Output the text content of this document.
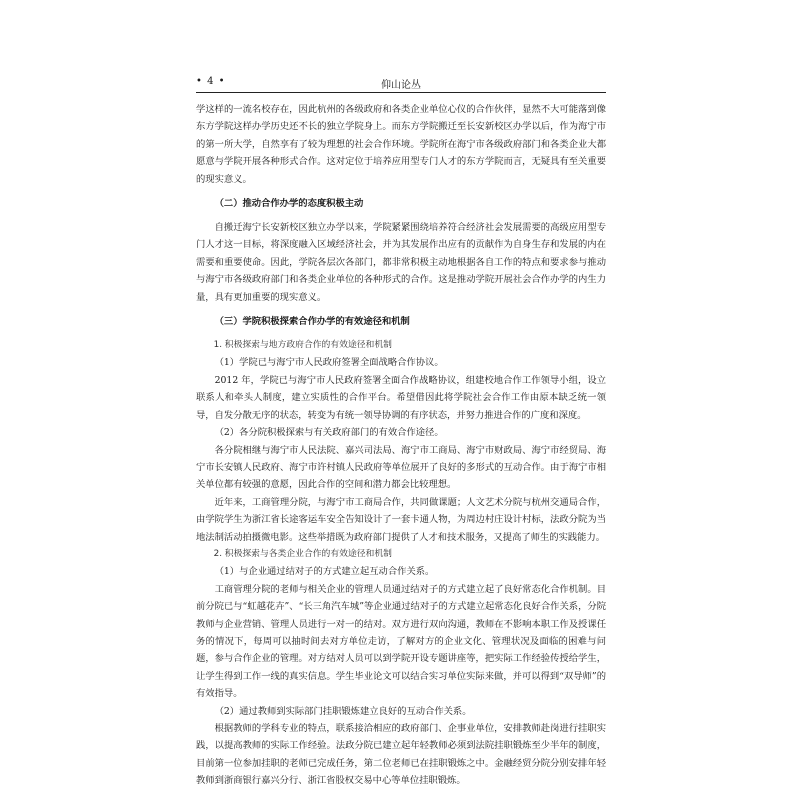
• 4 •	仰山论丛

学这样的一流名校存在，因此杭州的各级政府和各类企业单位心仪的合作伙伴，显然不大可能落到像东方学院这样办学历史还不长的独立学院身上。而东方学院搬迁至长安新校区办学以后，作为海宁市的第一所大学，自然享有了较为理想的社会合作环境。学院所在海宁市各级政府部门和各类企业大都愿意与学院开展各种形式合作。这对定位于培养应用型专门人才的东方学院而言，无疑具有至关重要的现实意义。

（二）推动合作办学的态度积极主动

自搬迁海宁长安新校区独立办学以来，学院紧紧围绕培养符合经济社会发展需要的高级应用型专门人才这一目标，将深度融入区域经济社会，并为其发展作出应有的贡献作为自身生存和发展的内在需要和重要使命。因此，学院各层次各部门，都非常积极主动地根据各自工作的特点和要求参与推动与海宁市各级政府部门和各类企业单位的各种形式的合作。这是推动学院开展社会合作办学的内生力量，具有更加重要的现实意义。

（三）学院积极探索合作办学的有效途径和机制
1. 积极探索与地方政府合作的有效途径和机制

（1）学院已与海宁市人民政府签署全面战略合作协议。

2012 年，学院已与海宁市人民政府签署全面合作战略协议，组建校地合作工作领导小组，设立联系人和牵头人制度，建立实质性的合作平台。希望借因此将学院社会合作工作由原本缺乏统一领导，自发分散无序的状态，转变为有统一领导协调的有序状态，并努力推进合作的广度和深度。

（2）各分院积极探索与有关政府部门的有效合作途径。

各分院相继与海宁市人民法院、嘉兴司法局、海宁市工商局、海宁市财政局、海宁市经贸局、海宁市长安镇人民政府、海宁市许村镇人民政府等单位展开了良好的多形式的互动合作。由于海宁市相关单位都有较强的意愿，因此合作的空间和潜力都会比较理想。

近年来，工商管理分院，与海宁市工商局合作，共同做课题；人文艺术分院与杭州交通局合作，由学院学生为浙江省长途客运车安全告知设计了一套卡通人物，为周边村庄设计村标，法政分院为当地法制活动拍摄微电影。这些举措既为政府部门提供了人才和技术服务，又提高了师生的实践能力。

2. 积极探索与各类企业合作的有效途径和机制

（1）与企业通过结对子的方式建立起互动合作关系。

工商管理分院的老师与相关企业的管理人员通过结对子的方式建立起了良好常态化合作机制。目前分院已与“虹越花卉”、“长三角汽车城”等企业通过结对子的方式建立起常态化良好合作关系，分院教师与企业营销、管理人员进行一对一的结对。双方进行双向沟通，教师在不影响本职工作及授课任务的情况下，每周可以抽时间去对方单位走访，了解对方的企业文化、管理状况及面临的困难与问题，参与合作企业的管理。对方结对人员可以到学院开设专题讲座等，把实际工作经验传授给学生，让学生得到工作一线的真实信息。学生毕业论文可以结合实习单位实际来做，并可以得到“双导师”的有效指导。

（2）通过教师到实际部门挂职锻炼建立良好的互动合作关系。

根据教师的学科专业的特点，联系接洽相应的政府部门、企事业单位，安排教师赴岗进行挂职实践，以提高教师的实际工作经验。法政分院已建立起年轻教师必须到法院挂职锻炼至少半年的制度，目前第一位参加挂职的老师已完成任务，第二位老师已在挂职锻炼之中。金融经贸分院分别安排年轻教师到浙商银行嘉兴分行、浙江省股权交易中心等单位挂职锻炼。
